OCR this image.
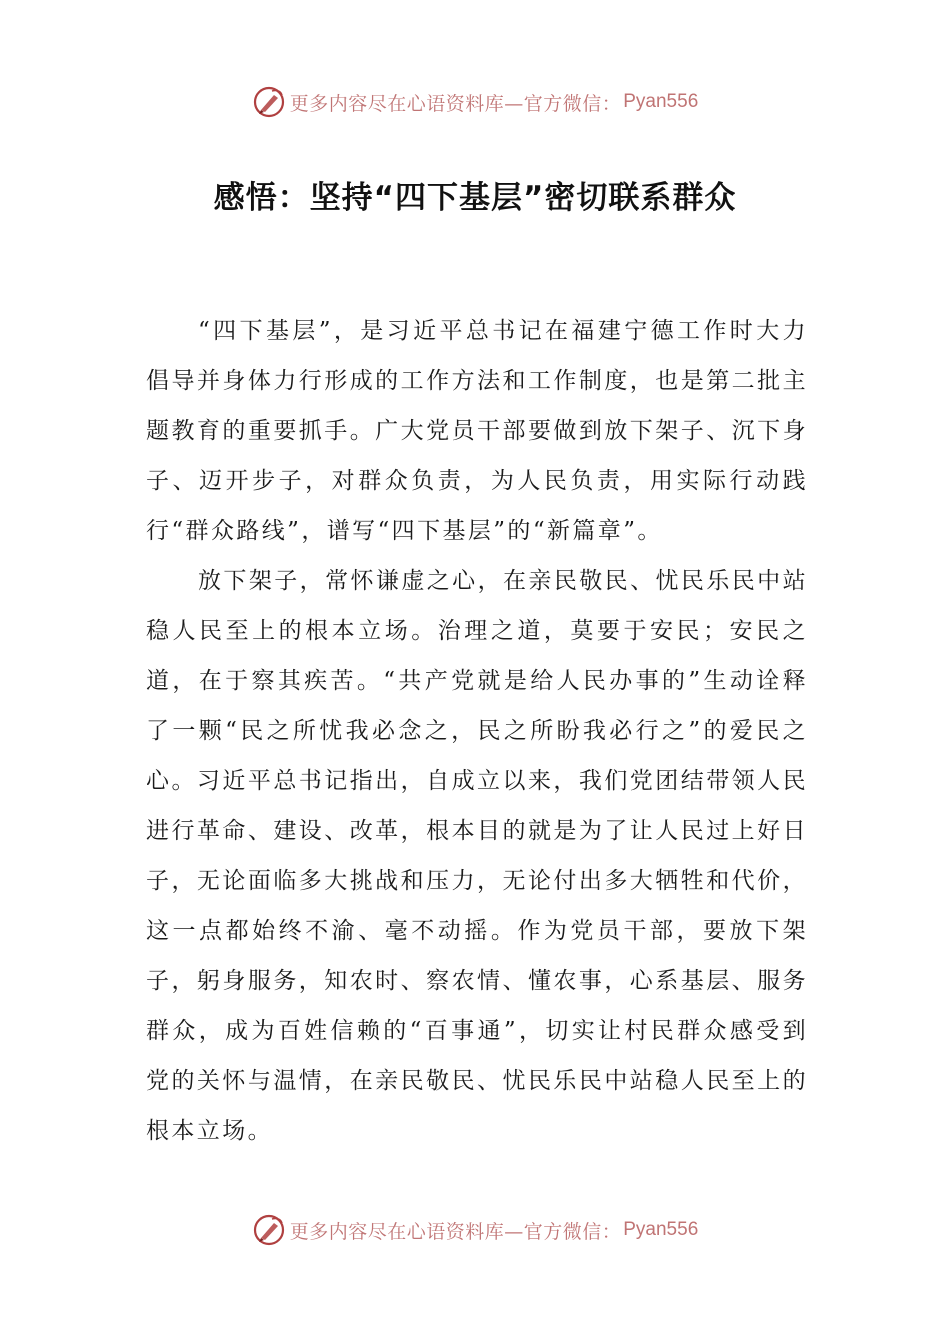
更多内容尽在心语资料库—官方微信： Pyan556
感悟：坚持“四下基层”密切联系群众

“四下基层”，是习近平总书记在福建宁德工作时大力倡导并身体力行形成的工作方法和工作制度，也是第二批主题教育的重要抓手。广大党员干部要做到放下架子、沉下身子、迈开步子，对群众负责，为人民负责，用实际行动践行“群众路线”，谱写“四下基层”的“新篇章”。

放下架子，常怀谦虚之心，在亲民敬民、忧民乐民中站稳人民至上的根本立场。治理之道，莫要于安民；安民之道，在于察其疾苦。“共产党就是给人民办事的”生动诠释了一颗“民之所忧我必念之，民之所盼我必行之”的爱民之心。习近平总书记指出，自成立以来，我们党团结带领人民进行革命、建设、改革，根本目的就是为了让人民过上好日子，无论面临多大挑战和压力，无论付出多大牺牲和代价，这一点都始终不渝、毫不动摇。作为党员干部，要放下架子，躬身服务，知农时、察农情、懂农事，心系基层、服务群众，成为百姓信赖的“百事通”，切实让村民群众感受到党的关怀与温情，在亲民敬民、忧民乐民中站稳人民至上的根本立场。

更多内容尽在心语资料库—官方微信： Pyan556
